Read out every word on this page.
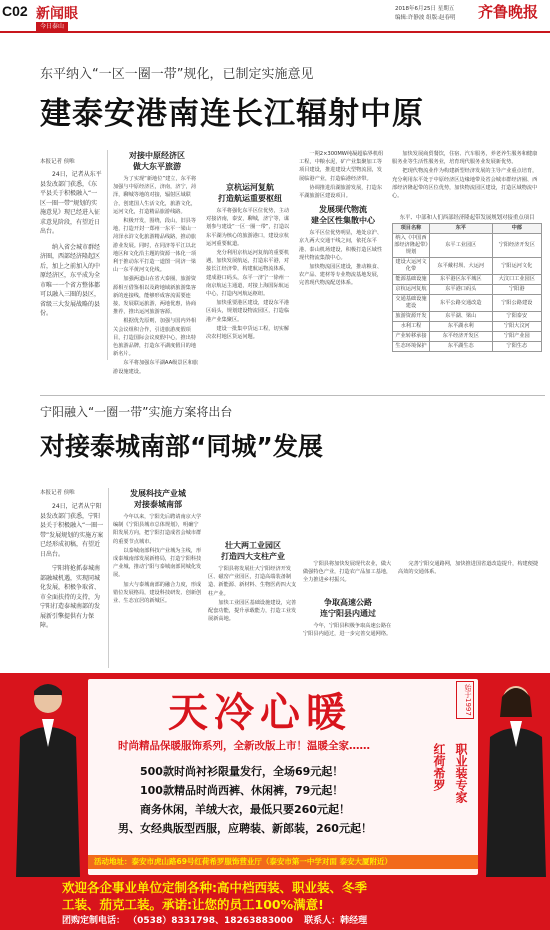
C02 新闻眼
今日泰山
2018年6月25日 星期五
编辑:许静波 组版:赵春明 齐鲁晚报
东平纳入“一区一圈一带”规化，已制定实施意见
建泰安港南连长江辐射中原
本报记者 侯唯

24日，记者从东平县发改部门获悉，《东平县关于积极融入“一区一圈一带”规划的实施意见》现已经进入征求意见阶段，有望近日出台。

纳入省会城市群经济圈，西部经济隆起区后，加上之前加入的中原经济区，东平成为全市唯一一个省方整体都可以融入三圈的县区，省级三大发展战略的县份。

对接中原经济区
做大东平旅游

为了实现“新地位”建立，东平将加强与中原经济区，济南，济宁，菏泽，聊城等地的对接，辐射区域联合，创建国人生活文化，旅游文化，运河文化，打造精品旅游线路。

积极开发，围绕，段山，旧县等地，打造开封一郑州一东平一梁山一菏泽水浒文化旅游精品线路，推动旅游业发展。同时，在同济等平江以北地区和文化沿主题的资源一体化一项利于推动东平打造一道图一同济一梁山一东平黄河文化线。

加强两道山在省大泰圈，旅游资源相互借鉴相以及跨地域新旅游集客新的连接线，能够形成客流需要连接，发展联运旅游，两地优惠，协商推荐，推出运河旅游客源。

根据优先原则，加强与国内外相关会议组积合作，引进旅游度假项目，打造国际会议度假中心，推出特色旅游品牌，打造东平湖度假目的地新名片。

东平将加强东平湖AA级景区和旅游设施建设。

京杭运河复航
打造航运重要枢纽

东平将强化东平区位优势，主动对接济南，泰安，聊城，济宁等，谋划参与建设“一区一圈一带”，打造以东平湖为核心的旅游港口，建设京杭运河重要航道。

充分利用京杭运河复航的重要机遇，加快发展航运，打造东平港，对接长江经济带，构建航运物流体系，建成港口码头，东平一济宁一徐州一南京航运主通道，对接上海国际航运中心，打造内河航运枢纽。

加快重要港区建设，建设东平港区码头，规划建设物流园区，打造临港产业集聚区。

建设一批集中货运工程，切实解决农村地区货运问题。

一期2×300MW纯凝超临界机组工程，中粮水泥，矿产业集聚加工等项目建设，推进建设大型物流园，发展临港产业，打造临港经济带。

协调推进沿湖旅游发展，打造东平湖旅游区建设项目。

发展现代物流
建全区性集散中心

东平区位优势明显，地处京沪、京九两大交通干线之间，依托东平港、泰山机场建设，积极打造区域性现代物流集散中心。

加快物流园区建设，推动粮食、农产品、建材等专业物流基地发展，完善现代物流配送体系。

加快发展商贸餐饮，住宿、汽车服务，养老养生服务和健康服务业等生活性服务业，培育现代服务业发展新优势。

把现代物流业作为构建新型经济发展的主导产业重点培育，充分利用东平处于中原经济区边缘地带及省会城市群经济圈、西部经济隆起带的区位优势，加快物流园区建设，打造区域物流中心。

东平、中部和人们西部经济隆起带发展规划对接重点项目
项目名称	东平	中部
纳入《中国西部经济隆起带》规划	东平工业园区	宁阳经济开发区
建设大运河文化带	东平戴村坝、大运河	宁阳运河文化
能源基础设施	东平港区东平城区	大汶口工业园区
京杭运河复航	东平港口码头	宁阳港
交通基础设施建设	东平公路交通改造	宁阳公路建设
旅游资源开发	东平湖、梁山	宁阳泰安
水利工程	东平湖水利	宁阳大汶河
产业转移承接	东平经济开发区	宁阳产业园
生态环境保护	东平湖生态	宁阳生态
宁阳融入“一圈一带”实施方案将出台
对接泰城南部“同城”发展
本报记者 侯唯

24日，记者从宁阳县发改部门获悉，宁阳县关于积极融入“一圈一带”发展规划的实施方案已经形成初稿，有望近日出台。

宁阳将抢抓泰城南部融城机遇，实现同城化发展，积极争取省、市全面扶持的支持，为宁阳打造泰城南部的发展新引擎提供有力保障。

发展科技产业城
对接泰城南部

今年以来，宁阳先后聘请南京大学编制《宁阳县城市总体规划》，明确宁阳发展方向，把宁阳打造成省会城市群的重要节点城市。

以泰城南部科技产业城为主线，形成泰城南部发展新格局，打造宁阳科技产业城，推动宁阳与泰城南部同城化发展。

加大与泰城南部的融合力度，形成错位发展格局，建设科技研发、创新创业、生态宜居的新城区。

壮大两工业园区
打造四大支柱产业

宁阳县将发展壮大宁阳经济开发区、磁窑产业园区，打造高端装备制造、新能源、新材料、生物医药四大支柱产业。

加快工业园区基础设施建设，完善配套功能，提升承载能力，打造工业发展新高地。

宁阳县将加快发展现代农业，做大做强特色产业，打造农产品加工基地，全力推进乡村振兴。

争取高速公路
连宁阳县内通过

今年，宁阳县积极争取高速公路在宁阳县内通过，进一步完善交通网络。

完善宁阳交通路网，加快推进国省道改造提升，构建便捷高效的交通体系。

天冷心暖
时尚精品保暖服饰系列，全新改版上市！温暖全家……
500款时尚衬衫限量发行，全场69元起！
100款精品时尚西裤、休闲裤，79元起！
商务休闲，羊绒大衣，最低只要260元起！
男、女经典版型西服，应聘装、新郎装，260元起！
红荷希罗 职业装专家
始于1997
活动地址：泰安市虎山路69号红荷希罗服饰营业厅（泰安市第一中学对面 泰安大厦附近）
欢迎各企事业单位定制各种:高中档西装、职业装、冬季
工装、茄克工装。承诺:让您的员工100%满意!
团购定制电话： （0538）8331798、18263883000 联系人：韩经理
